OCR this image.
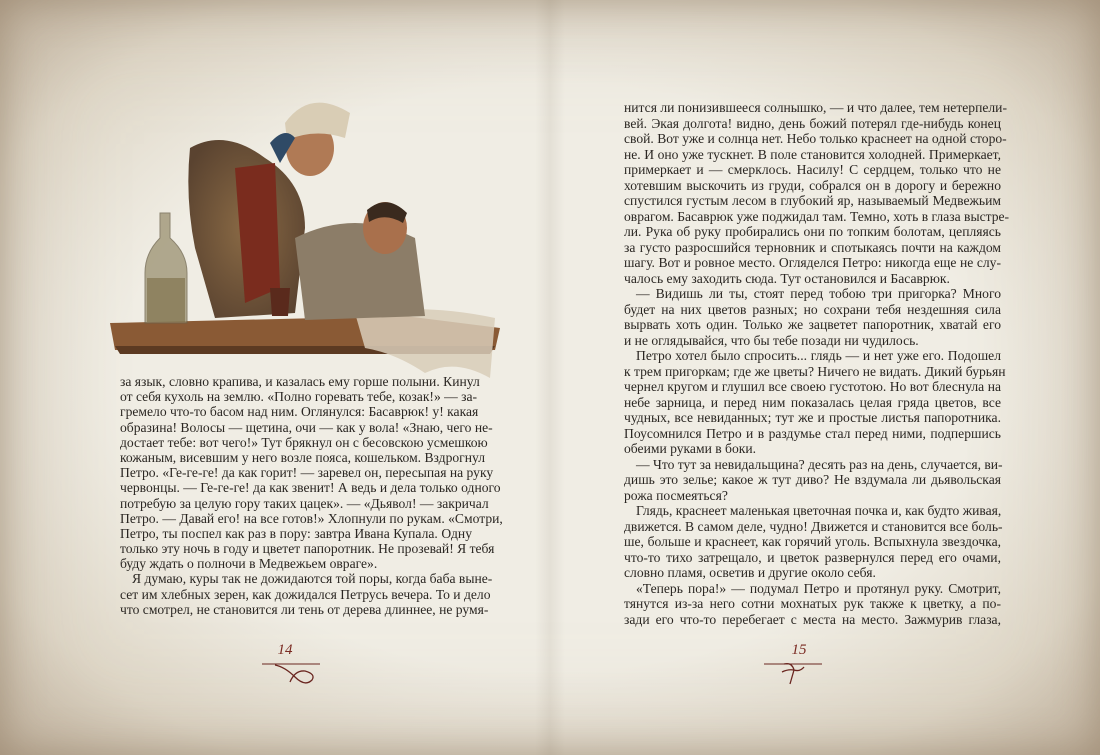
за язык, словно крапива, и казалась ему горше полыни. Кинул
от себя кухоль на землю. «Полно горевать тебе, козак!» — за-
гремело что-то басом над ним. Оглянулся: Басаврюк! у! какая
образина! Волосы — щетина, очи — как у вола! «Знаю, чего не-
достает тебе: вот чего!» Тут брякнул он с бесовскою усмешкою
кожаным, висевшим у него возле пояса, кошельком. Вздрогнул
Петро. «Ге-ге-ге! да как горит! — заревел он, пересыпая на руку
червонцы. — Ге-ге-ге! да как звенит! А ведь и дела только одного
потребую за целую гору таких цацек». — «Дьявол! — закричал
Петро. — Давай его! на все готов!» Хлопнули по рукам. «Смотри,
Петро, ты поспел как раз в пору: завтра Ивана Купала. Одну
только эту ночь в году и цветет папоротник. Не прозевай! Я тебя
буду ждать о полночи в Медвежьем овраге».
Я думаю, куры так не дожидаются той поры, когда баба выне-
сет им хлебных зерен, как дожидался Петрусь вечера. То и дело
что смотрел, не становится ли тень от дерева длиннее, не румя-
нится ли понизившееся солнышко, — и что далее, тем нетерпели-
вей. Экая долгота! видно, день божий потерял где-нибудь конец
свой. Вот уже и солнца нет. Небо только краснеет на одной сторо-
не. И оно уже тускнет. В поле становится холодней. Примеркает,
примеркает и — смерклось. Насилу! С сердцем, только что не
хотевшим выскочить из груди, собрался он в дорогу и бережно
спустился густым лесом в глубокий яр, называемый Медвежьим
оврагом. Басаврюк уже поджидал там. Темно, хоть в глаза выстре-
ли. Рука об руку пробирались они по топким болотам, цепляясь
за густо разросшийся терновник и спотыкаясь почти на каждом
шагу. Вот и ровное место. Огляделся Петро: никогда еще не слу-
чалось ему заходить сюда. Тут остановился и Басаврюк.
— Видишь ли ты, стоят перед тобою три пригорка? Много
будет на них цветов разных; но сохрани тебя нездешняя сила
вырвать хоть один. Только же зацветет папоротник, хватай его
и не оглядывайся, что бы тебе позади ни чудилось.
Петро хотел было спросить... глядь — и нет уже его. Подошел
к трем пригоркам; где же цветы? Ничего не видать. Дикий бурьян
чернел кругом и глушил все своею густотою. Но вот блеснула на
небе зарница, и перед ним показалась целая гряда цветов, все
чудных, все невиданных; тут же и простые листья папоротника.
Поусомнился Петро и в раздумье стал перед ними, подпершись
обеими руками в боки.
— Что тут за невидальщина? десять раз на день, случается, ви-
дишь это зелье; какое ж тут диво? Не вздумала ли дьявольская
рожа посмеяться?
Глядь, краснеет маленькая цветочная почка и, как будто живая,
движется. В самом деле, чудно! Движется и становится все боль-
ше, больше и краснеет, как горячий уголь. Вспыхнула звездочка,
что-то тихо затрещало, и цветок развернулся перед его очами,
словно пламя, осветив и другие около себя.
«Теперь пора!» — подумал Петро и протянул руку. Смотрит,
тянутся из-за него сотни мохнатых рук также к цветку, а по-
зади его что-то перебегает с места на место. Зажмурив глаза,
14	15
